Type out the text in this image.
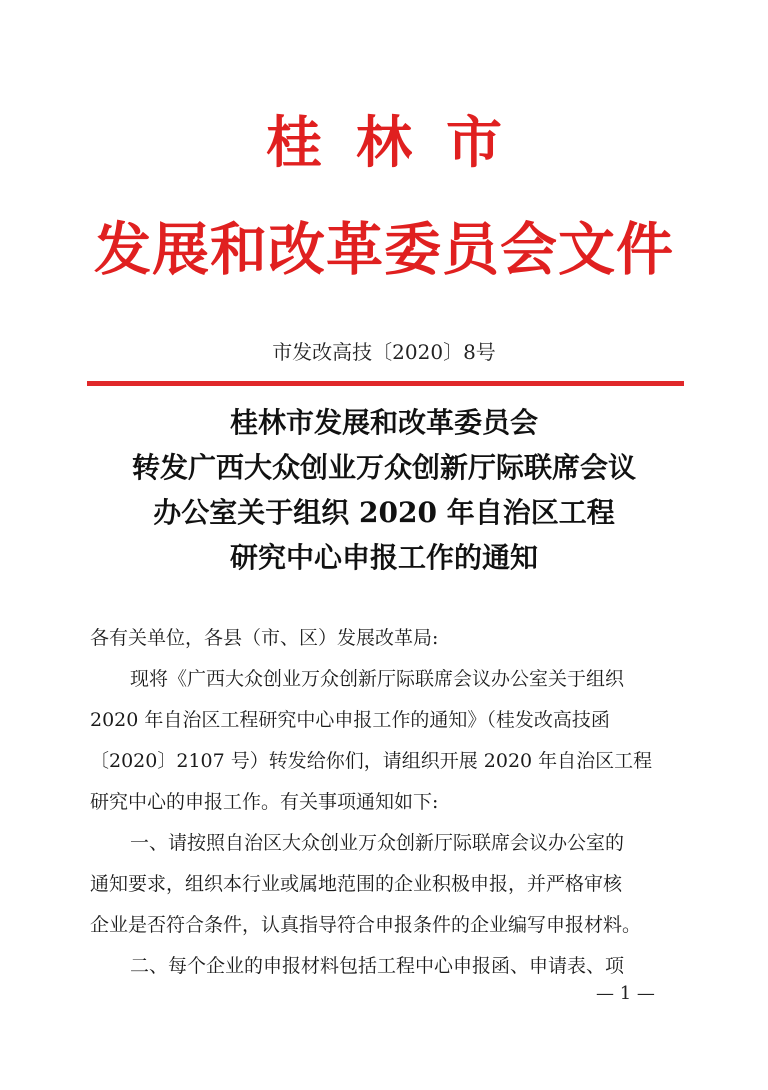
桂林市
发展和改革委员会文件
市发改高技〔2020〕8号
桂林市发展和改革委员会
转发广西大众创业万众创新厅际联席会议
办公室关于组织 2020 年自治区工程
研究中心申报工作的通知
各有关单位，各县（市、区）发展改革局:
现将《广西大众创业万众创新厅际联席会议办公室关于组织
2020 年自治区工程研究中心申报工作的通知》（桂发改高技函
〔2020〕2107 号）转发给你们，请组织开展 2020 年自治区工程
研究中心的申报工作。有关事项通知如下:
一、请按照自治区大众创业万众创新厅际联席会议办公室的
通知要求，组织本行业或属地范围的企业积极申报，并严格审核
企业是否符合条件，认真指导符合申报条件的企业编写申报材料。
二、每个企业的申报材料包括工程中心申报函、申请表、项
— 1 —
